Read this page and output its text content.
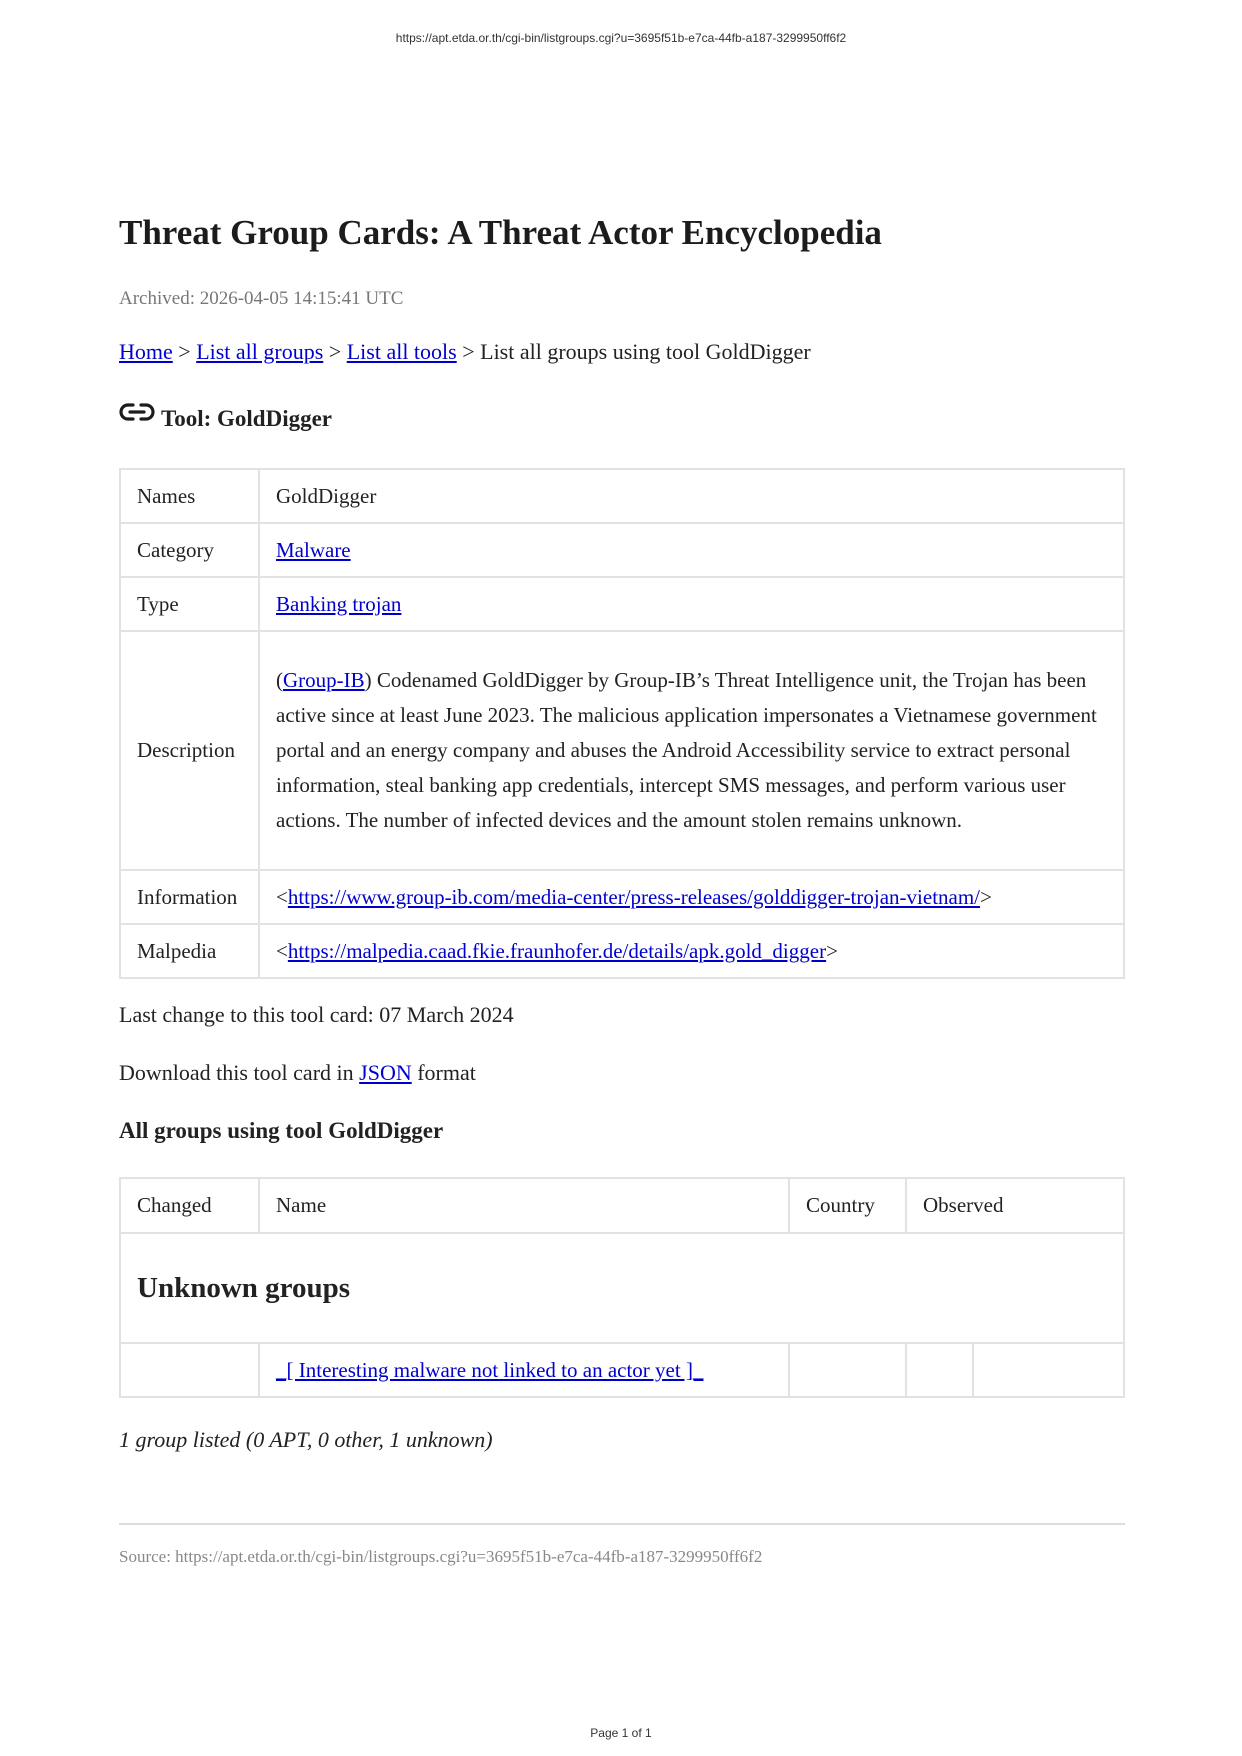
https://apt.etda.or.th/cgi-bin/listgroups.cgi?u=3695f51b-e7ca-44fb-a187-3299950ff6f2
Threat Group Cards: A Threat Actor Encyclopedia
Archived: 2026-04-05 14:15:41 UTC
Home > List all groups > List all tools > List all groups using tool GoldDigger
Tool: GoldDigger
Names	GoldDigger
Category	Malware
Type	Banking trojan
Description	(Group-IB) Codenamed GoldDigger by Group-IB’s Threat Intelligence unit, the Trojan has been active since at least June 2023. The malicious application impersonates a Vietnamese government portal and an energy company and abuses the Android Accessibility service to extract personal information, steal banking app credentials, intercept SMS messages, and perform various user actions. The number of infected devices and the amount stolen remains unknown.
Information	<https://www.group-ib.com/media-center/press-releases/golddigger-trojan-vietnam/>
Malpedia	<https://malpedia.caad.fkie.fraunhofer.de/details/apk.gold_digger>
Last change to this tool card: 07 March 2024
Download this tool card in JSON format
All groups using tool GoldDigger
Changed	Name	Country	Observed	
Unknown groups				
	_[ Interesting malware not linked to an actor yet ]_			
1 group listed (0 APT, 0 other, 1 unknown)
Source: https://apt.etda.or.th/cgi-bin/listgroups.cgi?u=3695f51b-e7ca-44fb-a187-3299950ff6f2
Page 1 of 1
